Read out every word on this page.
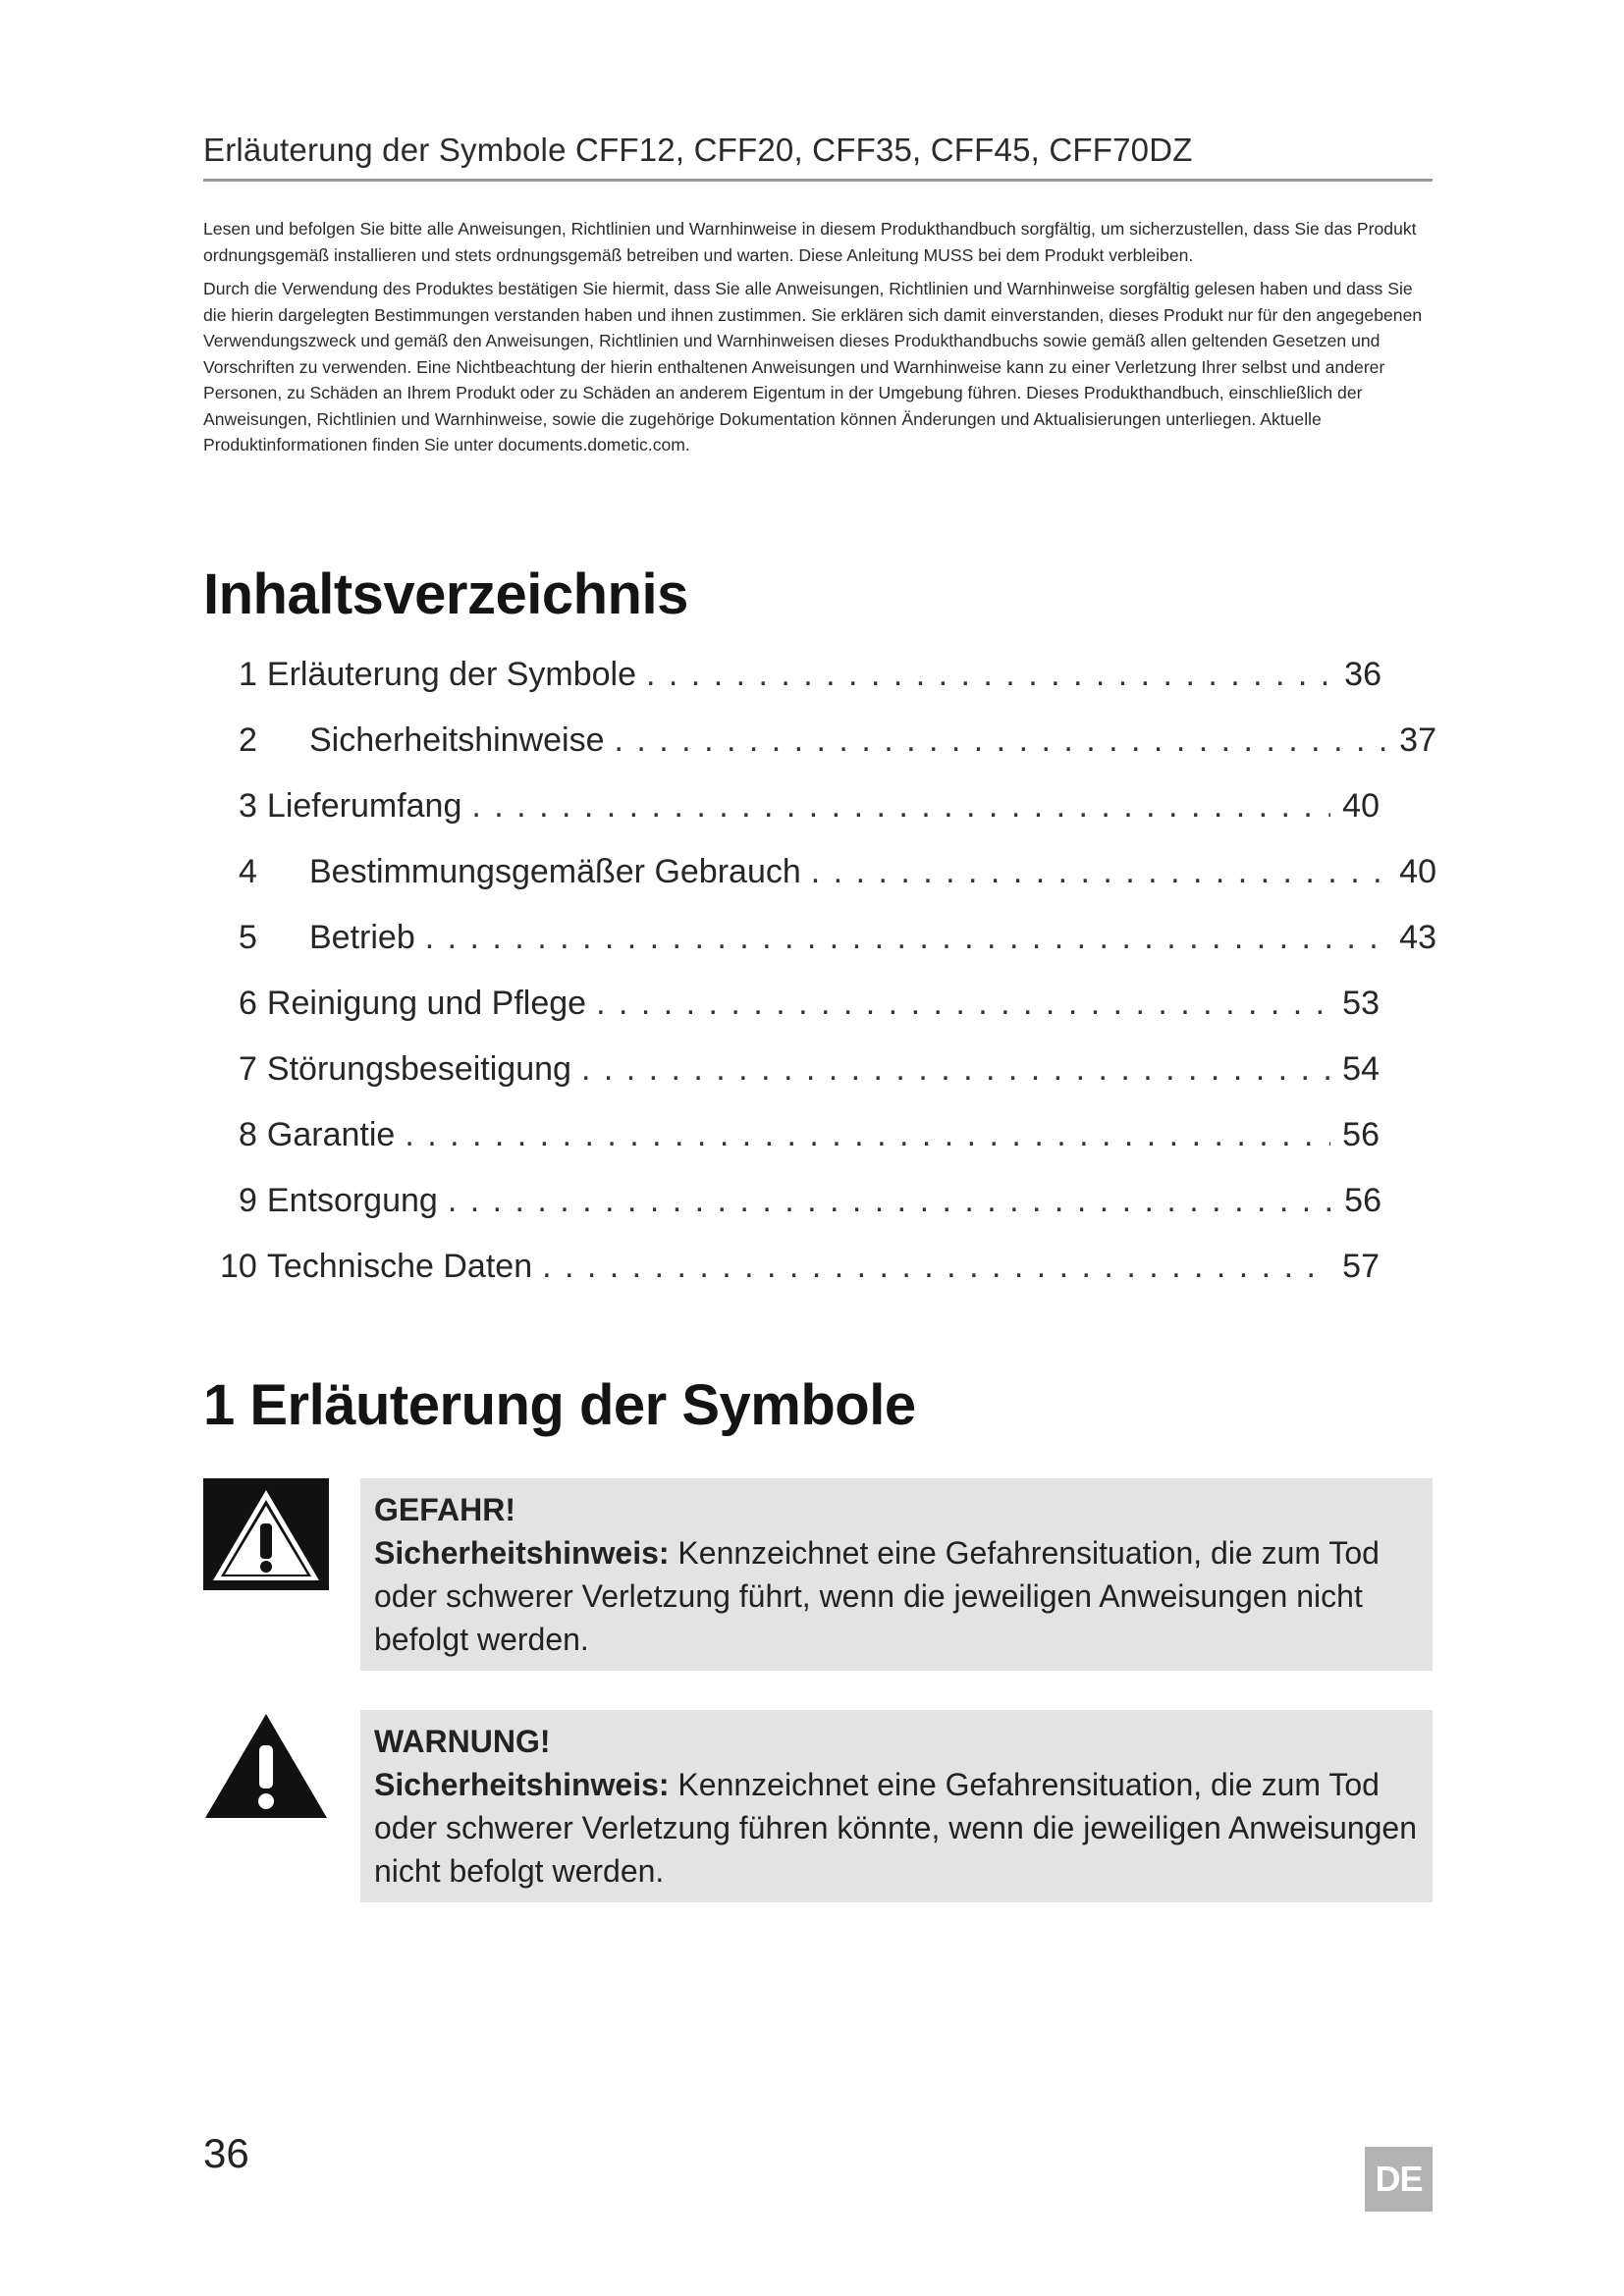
Erläuterung der Symbole CFF12, CFF20, CFF35, CFF45, CFF70DZ

Lesen und befolgen Sie bitte alle Anweisungen, Richtlinien und Warnhinweise in diesem Produkthandbuch sorgfältig, um sicherzustellen, dass Sie das Produkt ordnungsgemäß installieren und stets ordnungsgemäß betreiben und warten. Diese Anleitung MUSS bei dem Produkt verbleiben.

Durch die Verwendung des Produktes bestätigen Sie hiermit, dass Sie alle Anweisungen, Richtlinien und Warnhinweise sorgfältig gelesen haben und dass Sie die hierin dargelegten Bestimmungen verstanden haben und ihnen zustimmen. Sie erklären sich damit einverstanden, dieses Produkt nur für den angegebenen Verwendungszweck und gemäß den Anweisungen, Richtlinien und Warnhinweisen dieses Produkthandbuchs sowie gemäß allen geltenden Gesetzen und Vorschriften zu verwenden. Eine Nichtbeachtung der hierin enthaltenen Anweisungen und Warnhinweise kann zu einer Verletzung Ihrer selbst und anderer Personen, zu Schäden an Ihrem Produkt oder zu Schäden an anderem Eigentum in der Umgebung führen. Dieses Produkthandbuch, einschließlich der Anweisungen, Richtlinien und Warnhinweise, sowie die zugehörige Dokumentation können Änderungen und Aktualisierungen unterliegen. Aktuelle Produktinformationen finden Sie unter documents.dometic.com.

Inhaltsverzeichnis
1 Erläuterung der Symbole . . .	36
2	Sicherheitshinweise . . .	37
3 Lieferumfang . . .	40
4	Bestimmungsgemäßer Gebrauch . . .	40
5	Betrieb . . .	43
6 Reinigung und Pflege . . .	53
7 Störungsbeseitigung . . .	54
8 Garantie . . .	56
9 Entsorgung . . .	56
10 Technische Daten . . .	57
1 Erläuterung der Symbole
GEFAHR!
Sicherheitshinweis: Kennzeichnet eine Gefahrensituation, die zum Tod oder schwerer Verletzung führt, wenn die jeweiligen Anweisungen nicht befolgt werden.
WARNUNG!
Sicherheitshinweis: Kennzeichnet eine Gefahrensituation, die zum Tod oder schwerer Verletzung führen könnte, wenn die jeweiligen Anweisungen nicht befolgt werden.
36
DE
